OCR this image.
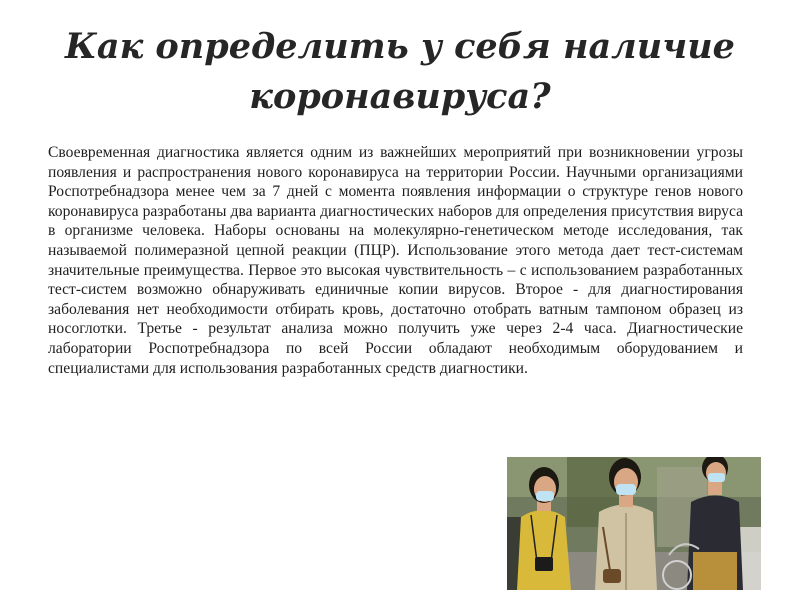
Как определить у себя наличие коронавируса?

Своевременная диагностика является одним из важнейших мероприятий при возникновении угрозы появления и распространения нового коронавируса на территории России. Научными организациями Роспотребнадзора менее чем за 7 дней с момента появления информации о структуре генов нового коронавируса разработаны два варианта диагностических наборов для определения присутствия вируса в организме человека. Наборы основаны на молекулярно-генетическом методе исследования, так называемой полимеразной цепной реакции (ПЦР). Использование этого метода дает тест-системам значительные преимущества. Первое это высокая чувствительность – с использованием разработанных тест-систем возможно обнаруживать единичные копии вирусов. Второе - для диагностирования заболевания нет необходимости отбирать кровь, достаточно отобрать ватным тампоном образец из носоглотки. Третье - результат анализа можно получить уже через 2-4 часа. Диагностические лаборатории Роспотребнадзора по всей России обладают необходимым оборудованием и специалистами для использования разработанных средств диагностики.
